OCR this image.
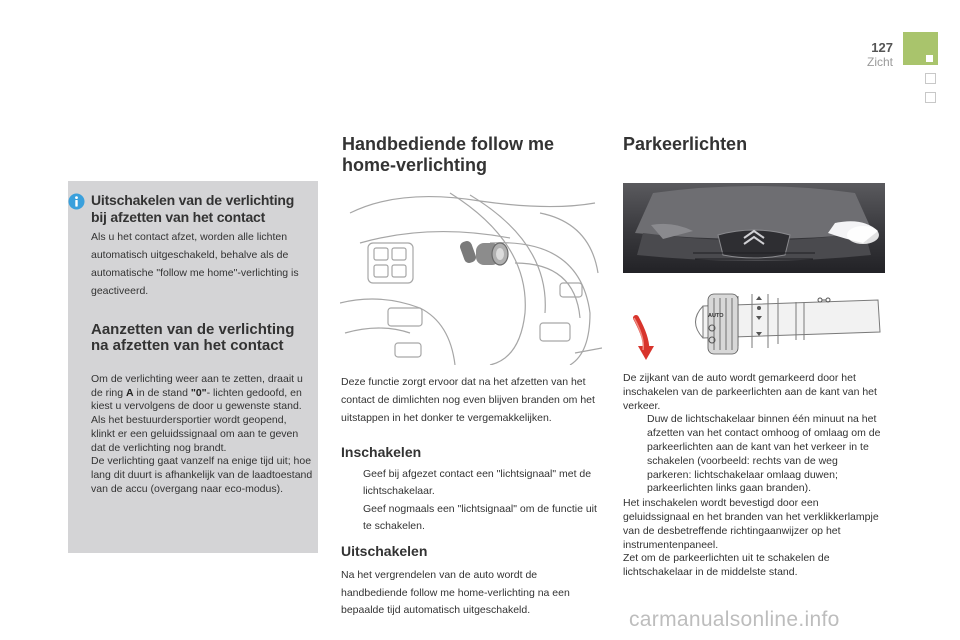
127
Zicht
Uitschakelen van de verlichting bij afzetten van het contact
Als u het contact afzet, worden alle lichten automatisch uitgeschakeld, behalve als de automatische "follow me home"-verlichting is geactiveerd.
Aanzetten van de verlichting na afzetten van het contact
Om de verlichting weer aan te zetten, draait u de ring A in de stand "0"- lichten gedoofd, en kiest u vervolgens de door u gewenste stand.
Als het bestuurdersportier wordt geopend, klinkt er een geluidssignaal om aan te geven dat de verlichting nog brandt.
De verlichting gaat vanzelf na enige tijd uit; hoe lang dit duurt is afhankelijk van de laadtoestand van de accu (overgang naar eco-modus).
Handbediende follow me home-verlichting
Deze functie zorgt ervoor dat na het afzetten van het contact de dimlichten nog even blijven branden om het uitstappen in het donker te vergemakkelijken.
Inschakelen
Geef bij afgezet contact een "lichtsignaal" met de lichtschakelaar.
Geef nogmaals een "lichtsignaal" om de functie uit te schakelen.
Uitschakelen
Na het vergrendelen van de auto wordt de handbediende follow me home-verlichting na een bepaalde tijd automatisch uitgeschakeld.
Parkeerlichten
AUTO
De zijkant van de auto wordt gemarkeerd door het inschakelen van de parkeerlichten aan de kant van het verkeer.
Duw de lichtschakelaar binnen één minuut na het afzetten van het contact omhoog of omlaag om de parkeerlichten aan de kant van het verkeer in te schakelen (voorbeeld: rechts van de weg parkeren: lichtschakelaar omlaag duwen; parkeerlichten links gaan branden).
Het inschakelen wordt bevestigd door een geluidssignaal en het branden van het verklikkerlampje van de desbetreffende richtingaanwijzer op het instrumentenpaneel.
Zet om de parkeerlichten uit te schakelen de lichtschakelaar in de middelste stand.
carmanualsonline.info
